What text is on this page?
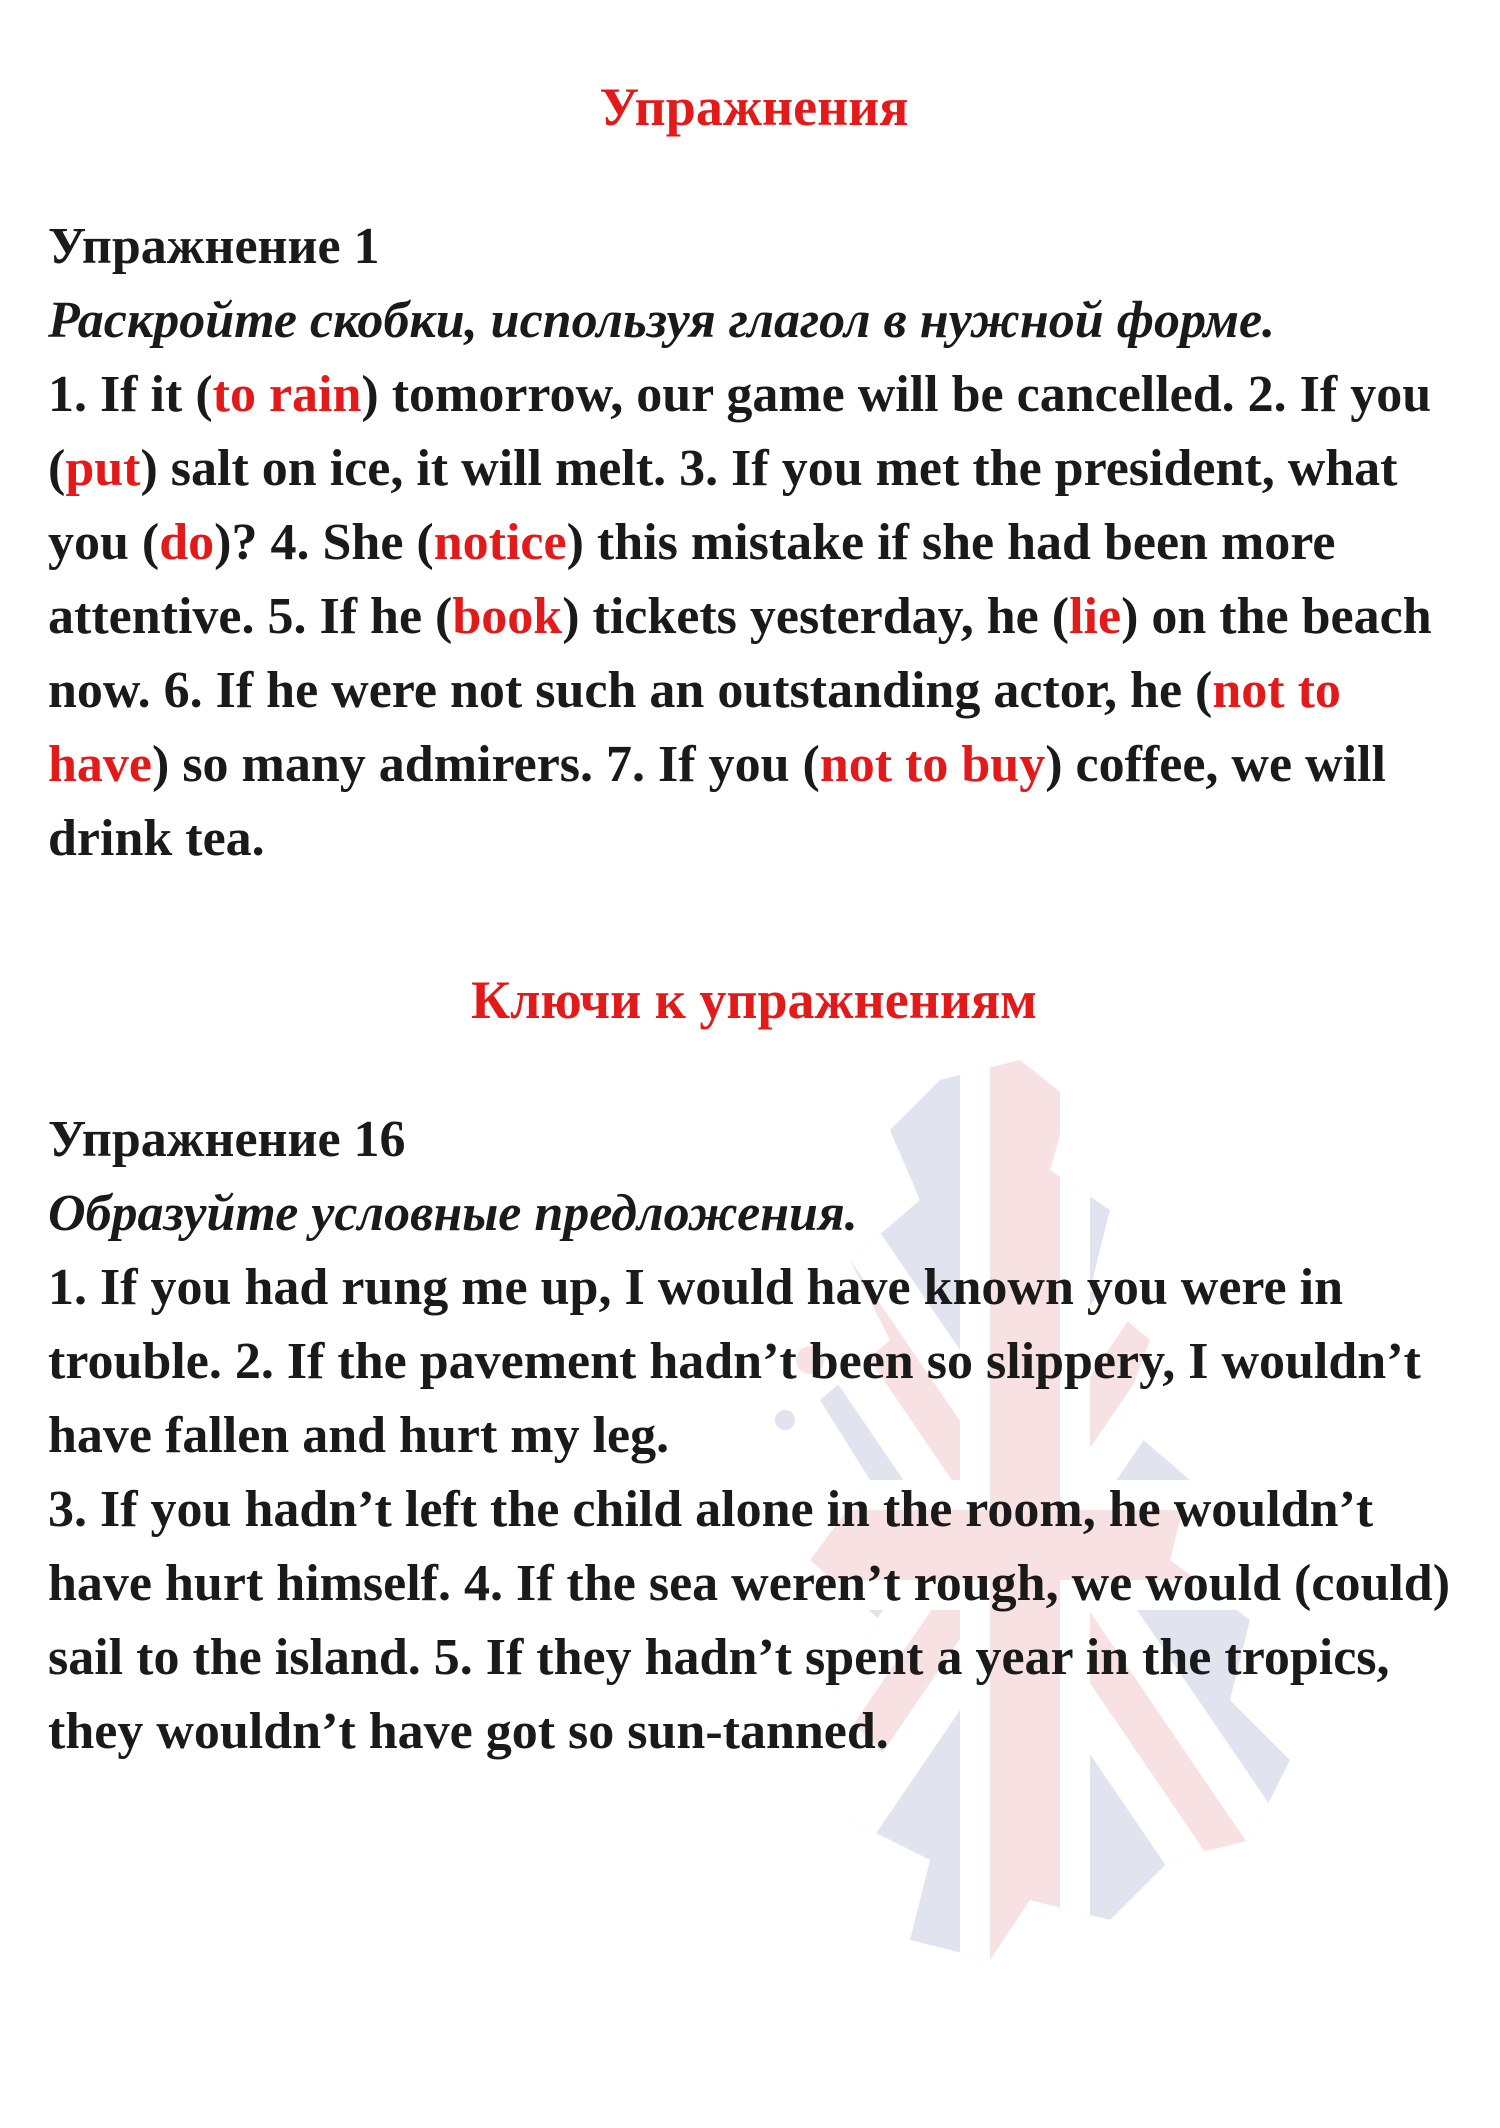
Упражнения

Упражнение 1

Раскройте скобки, используя глагол в нужной форме.

1. If it (to rain) tomorrow, our game will be cancelled. 2. If you (put) salt on ice, it will melt. 3. If you met the president, what you (do)? 4. She (notice) this mistake if she had been more attentive. 5. If he (book) tickets yesterday, he (lie) on the beach now. 6. If he were not such an outstanding actor, he (not to have) so many admirers. 7. If you (not to buy) coffee, we will drink tea.

Ключи к упражнениям

Упражнение 16

Образуйте условные предложения.

1. If you had rung me up, I would have known you were in trouble. 2. If the pavement hadn’t been so slippery, I wouldn’t have fallen and hurt my leg.

3. If you hadn’t left the child alone in the room, he wouldn’t have hurt himself. 4. If the sea weren’t rough, we would (could) sail to the island. 5. If they hadn’t spent a year in the tropics, they wouldn’t have got so sun-tanned.
